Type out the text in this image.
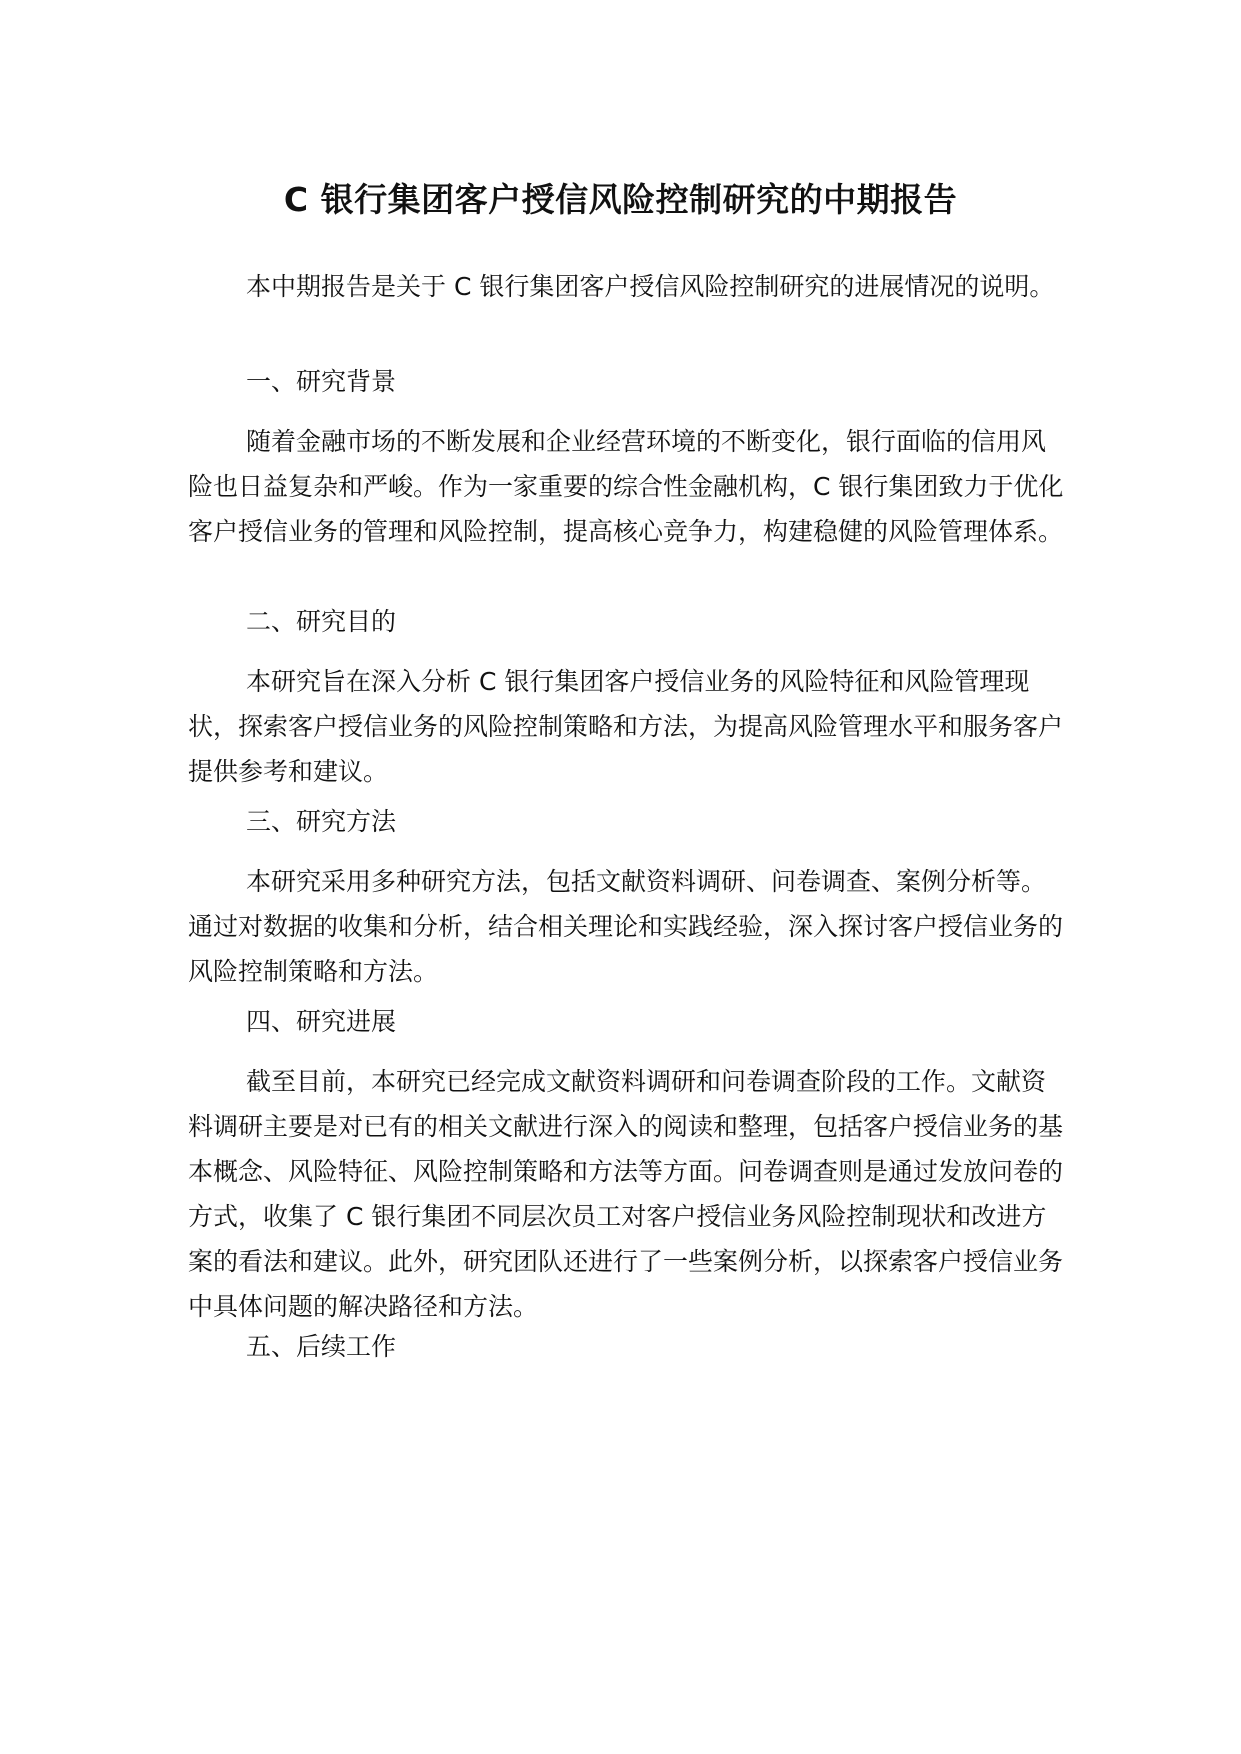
C 银行集团客户授信风险控制研究的中期报告

本中期报告是关于 C 银行集团客户授信风险控制研究的进展情况的说明。

一、研究背景

随着金融市场的不断发展和企业经营环境的不断变化，银行面临的信用风险也日益复杂和严峻。作为一家重要的综合性金融机构，C 银行集团致力于优化客户授信业务的管理和风险控制，提高核心竞争力，构建稳健的风险管理体系。

二、研究目的

本研究旨在深入分析 C 银行集团客户授信业务的风险特征和风险管理现状，探索客户授信业务的风险控制策略和方法，为提高风险管理水平和服务客户提供参考和建议。

三、研究方法

本研究采用多种研究方法，包括文献资料调研、问卷调查、案例分析等。通过对数据的收集和分析，结合相关理论和实践经验，深入探讨客户授信业务的风险控制策略和方法。

四、研究进展

截至目前，本研究已经完成文献资料调研和问卷调查阶段的工作。文献资料调研主要是对已有的相关文献进行深入的阅读和整理，包括客户授信业务的基本概念、风险特征、风险控制策略和方法等方面。问卷调查则是通过发放问卷的方式，收集了 C 银行集团不同层次员工对客户授信业务风险控制现状和改进方案的看法和建议。此外，研究团队还进行了一些案例分析，以探索客户授信业务中具体问题的解决路径和方法。

五、后续工作
